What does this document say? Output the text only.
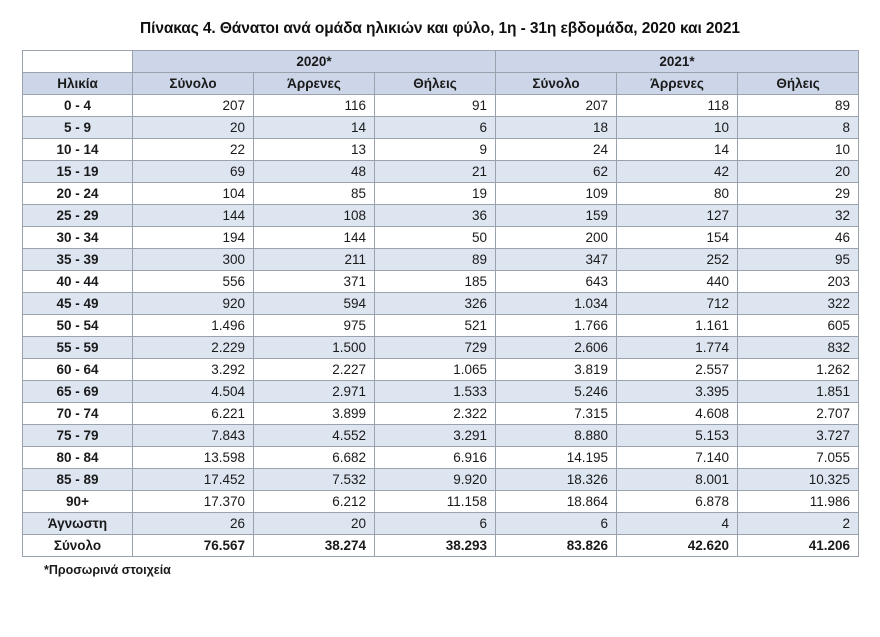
Πίνακας 4. Θάνατοι ανά ομάδα ηλικιών και φύλο, 1η - 31η εβδομάδα, 2020 και 2021
	2020*			2021*		
Ηλικία	Σύνολο	Άρρενες	Θήλεις	Σύνολο	Άρρενες	Θήλεις
0 - 4	207	116	91	207	118	89
5 - 9	20	14	6	18	10	8
10 - 14	22	13	9	24	14	10
15 - 19	69	48	21	62	42	20
20 - 24	104	85	19	109	80	29
25 - 29	144	108	36	159	127	32
30 - 34	194	144	50	200	154	46
35 - 39	300	211	89	347	252	95
40 - 44	556	371	185	643	440	203
45 - 49	920	594	326	1.034	712	322
50 - 54	1.496	975	521	1.766	1.161	605
55 - 59	2.229	1.500	729	2.606	1.774	832
60 - 64	3.292	2.227	1.065	3.819	2.557	1.262
65 - 69	4.504	2.971	1.533	5.246	3.395	1.851
70 - 74	6.221	3.899	2.322	7.315	4.608	2.707
75 - 79	7.843	4.552	3.291	8.880	5.153	3.727
80 - 84	13.598	6.682	6.916	14.195	7.140	7.055
85 - 89	17.452	7.532	9.920	18.326	8.001	10.325
90+	17.370	6.212	11.158	18.864	6.878	11.986
Άγνωστη	26	20	6	6	4	2
Σύνολο	76.567	38.274	38.293	83.826	42.620	41.206
*Προσωρινά στοιχεία
